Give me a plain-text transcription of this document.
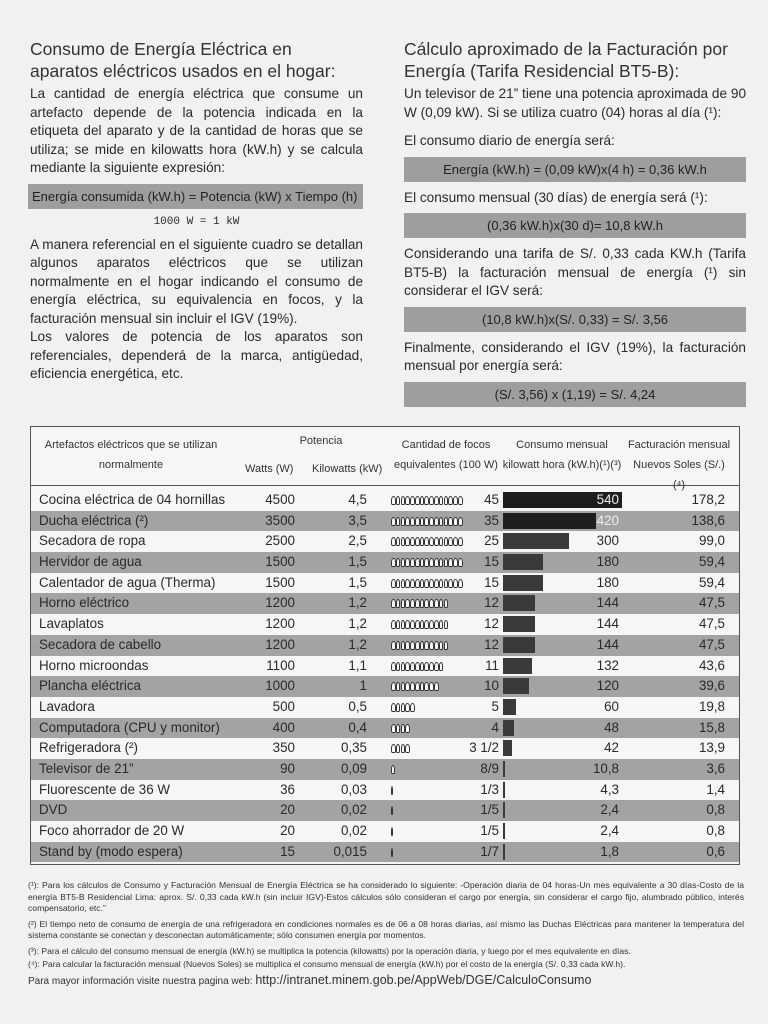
Consumo de Energía Eléctrica en aparatos eléctricos usados en el hogar:

La cantidad de energía eléctrica que consume un artefacto depende de la potencia indicada en la etiqueta del aparato y de la cantidad de horas que se utiliza; se mide en kilowatts hora (kW.h) y se calcula mediante la siguiente expresión:

Energía consumida (kW.h) = Potencia (kW) x Tiempo (h)
1000 W = 1 kW

A manera referencial en el siguiente cuadro se detallan algunos aparatos eléctricos que se utilizan normalmente en el hogar indicando el consumo de energía eléctrica, su equivalencia en focos, y la facturación mensual sin incluir el IGV (19%).

Los valores de potencia de los aparatos son referenciales, dependerá de la marca, antigüedad, eficiencia energética, etc.

Cálculo aproximado de la Facturación por Energía (Tarifa Residencial BT5-B):

Un televisor de 21” tiene una potencia aproximada de 90 W (0,09 kW). Si se utiliza cuatro (04) horas al día (¹):

El consumo diario de energía será:

Energía (kW.h) = (0,09 kW)x(4 h) = 0,36 kW.h

El consumo mensual (30 días) de energía será (¹):

(0,36 kW.h)x(30 d)= 10,8 kW.h

Considerando una tarifa de S/. 0,33 cada KW.h (Tarifa BT5-B) la facturación mensual de energía (¹) sin considerar el IGV será:

(10,8 kW.h)x(S/. 0,33) = S/. 3,56

Finalmente, considerando el IGV (19%), la facturación mensual por energía será:

(S/. 3,56) x (1,19) = S/. 4,24
Artefactos eléctricos que se utilizan normalmente
Potencia
Watts (W) Kilowatts (kW)
Cantidad de focos equivalentes (100 W)
Consumo mensual kilowatt hora (kW.h)(¹)(³)
Facturación mensual Nuevos Soles (S/.) (⁴)
Cocina eléctrica de 04 hornillas	4500	4,5	45	540	178,2
Ducha eléctrica (²)	3500	3,5	35	420	138,6
Secadora de ropa	2500	2,5	25	300	99,0
Hervidor de agua	1500	1,5	15	180	59,4
Calentador de agua (Therma)	1500	1,5	15	180	59,4
Horno eléctrico	1200	1,2	12	144	47,5
Lavaplatos	1200	1,2	12	144	47,5
Secadora de cabello	1200	1,2	12	144	47,5
Horno microondas	1100	1,1	11	132	43,6
Plancha eléctrica	1000	1	10	120	39,6
Lavadora	500	0,5	5	60	19,8
Computadora (CPU y monitor)	400	0,4	4	48	15,8
Refrigeradora (²)	350	0,35	3 1/2	42	13,9
Televisor de 21”	90	0,09	8/9	10,8	3,6
Fluorescente de 36 W	36	0,03	1/3	4,3	1,4
DVD	20	0,02	1/5	2,4	0,8
Foco ahorrador de 20 W	20	0,02	1/5	2,4	0,8
Stand by (modo espera)	15	0,015	1/7	1,8	0,6

(¹): Para los cálculos de Consumo y Facturación Mensual de Energía Eléctrica se ha considerado lo siguiente: -Operación diaria de 04 horas-Un mes equivalente a 30 días-Costo de la energía BT5-B Residencial Lima: aprox. S/. 0,33 cada kW.h (sin incluir IGV)-Estos cálculos sólo consideran el cargo por energía, sin considerar el cargo fijo, alumbrado público, interés compensatorio, etc.”

(²) El tiempo neto de consumo de energía de una refrigeradora en condiciones normales es de 06 a 08 horas diarias, así mismo las Duchas Eléctricas para mantener la temperatura del sistema constante se conectan y desconectan automáticamente; sólo consumen energía por momentos.

(³): Para el cálculo del consumo mensual de energía (kW.h) se multiplica la potencia (kilowatts) por la operación diaria, y luego por el mes equivalente en días.

(⁴): Para calcular la facturación mensual (Nuevos Soles) se multiplica el consumo mensual de energía (kW.h) por el costo de la energía (S/. 0,33 cada kW.h).

Para mayor información visite nuestra pagina web: http://intranet.minem.gob.pe/AppWeb/DGE/CalculoConsumo
